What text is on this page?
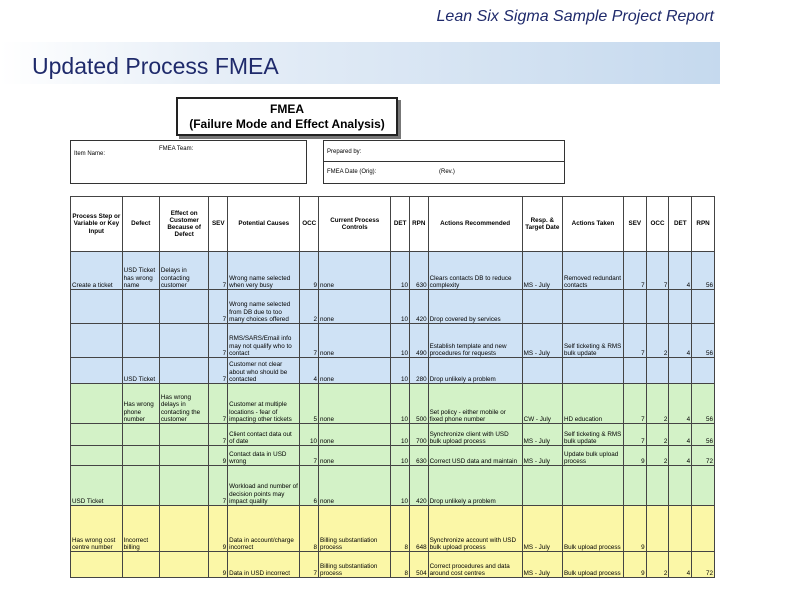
Lean Six Sigma Sample Project Report
Updated Process FMEA
FMEA
(Failure Mode and Effect Analysis)
Item Name:
FMEA Team:	Prepared by:
FMEA Date (Orig):	(Rev.)
Process Step or Variable or Key Input	Defect	Effect on Customer Because of Defect	SEV	Potential Causes	OCC	Current Process Controls	DET	RPN	Actions Recommended	Resp. & Target Date	Actions Taken	SEV	OCC	DET	RPN
Create a ticket	USD Ticket has wrong name	Delays in contacting customer	7	Wrong name selected when very busy	9	none	10	630	Clears contacts DB to reduce complexity	MS - July	Removed redundant contacts	7	7	4	56
			7	Wrong name selected from DB due to too many choices offered	2	none	10	420	Drop covered by services						
			7	RMS/SARS/Email info may not qualify who to contact	7	none	10	490	Establish template and new procedures for requests	MS - July	Self ticketing & RMS bulk update	7	2	4	56
	USD Ticket		7	Customer not clear about who should be contacted	4	none	10	280	Drop unlikely a problem						
	Has wrong phone number	Has wrong delays in contacting the customer	7	Customer at multiple locations - fear of impacting other tickets	5	none	10	500	Set policy - either mobile or fixed phone number	CW - July	HD education	7	2	4	56
			7	Client contact data out of date	10	none	10	700	Synchronize client with USD bulk upload process	MS - July	Self ticketing & RMS bulk update	7	2	4	56
			9	Contact data in USD wrong	7	none	10	630	Correct USD data and maintain	MS - July	Update bulk upload process	9	2	4	72
USD Ticket			7	Workload and number of decision points may impact quality	6	none	10	420	Drop unlikely a problem						
Has wrong cost centre number	Incorrect billing		9	Data in account/charge incorrect	8	Billing substantiation process	8	648	Synchronize account with USD bulk upload process	MS - July	Bulk upload process	9			
			9	Data in USD incorrect	7	Billing substantiation process	8	504	Correct procedures and data around cost centres	MS - July	Bulk upload process	9	2	4	72
